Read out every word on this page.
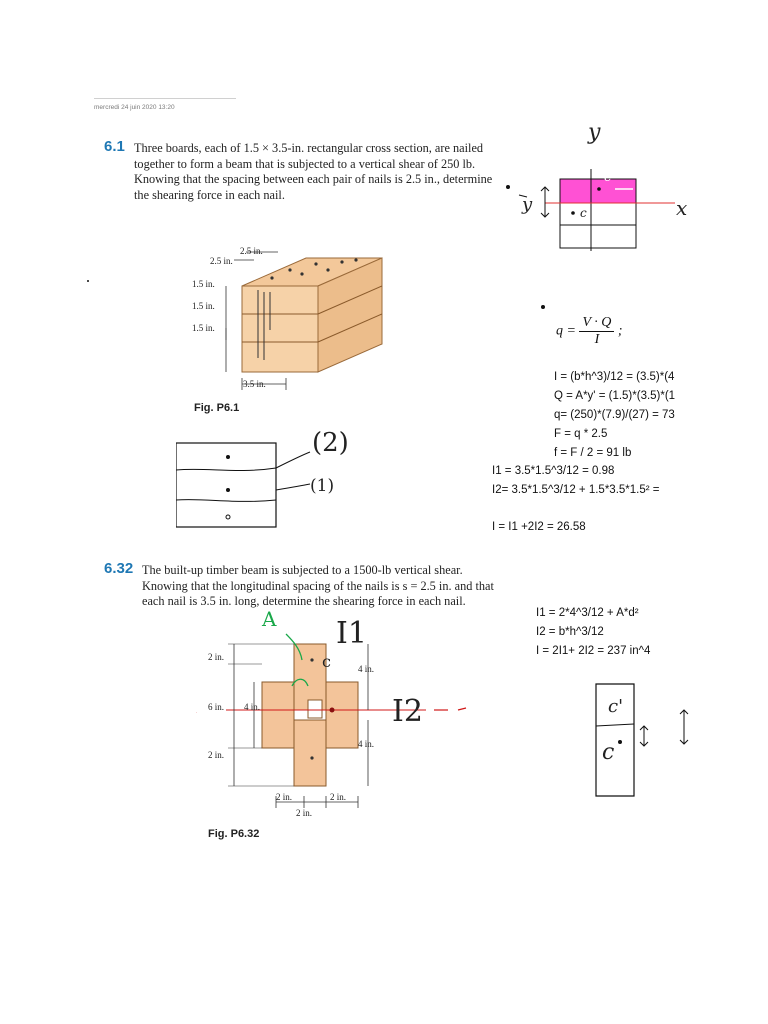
mercredi 24 juin 2020 13:20
6.1 Three boards, each of 1.5 × 3.5-in. rectangular cross section, are nailed together to form a beam that is subjected to a vertical shear of 250 lb. Knowing that the spacing between each pair of nails is 2.5 in., determine the shearing force in each nail.
2.5 in.
2.5 in.
1.5 in.
1.5 in.
1.5 in.
3.5 in.
Fig. P6.1
(2)
(1)
y
x
c'
c
y
$q = \frac{V \cdot Q}{I}$ ;
• I = (b*h^3)/12 = (3.5)*(4
• Q = A*y' = (1.5)*(3.5)*(1
• q= (250)*(7.9)/(27) = 73
• F = q * 2.5
• f = F / 2 = 91 lb
I1 = 3.5*1.5^3/12 = 0.98
I2= 3.5*1.5^3/12 + 1.5*3.5*1.5² =
I = I1 +2I2 = 26.58
6.32 The built-up timber beam is subjected to a 1500-lb vertical shear. Knowing that the longitudinal spacing of the nails is s = 2.5 in. and that each nail is 3.5 in. long, determine the shearing force in each nail.
2 in.
6 in.
2 in.
4 in.
4 in.
4 in.
2 in.	2 in.
2 in.
Fig. P6.32
A I1
I2
c
I1 = 2*4^3/12 + A*d²
I2 = b*h^3/12
I = 2I1+ 2I2 = 237 in^4
c'
c
